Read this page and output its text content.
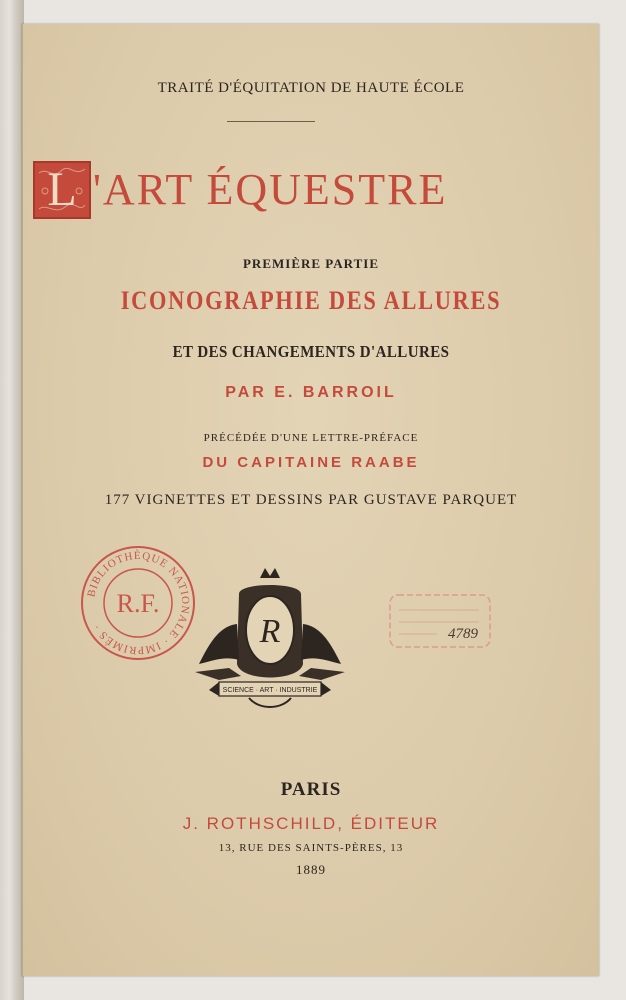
TRAITÉ D'ÉQUITATION DE HAUTE ÉCOLE
L 'ART ÉQUESTRE
PREMIÈRE PARTIE
ICONOGRAPHIE DES ALLURES
ET DES CHANGEMENTS D'ALLURES
PAR E. BARROIL
PRÉCÉDÉE D'UNE LETTRE-PRÉFACE
DU CAPITAINE RAABE
177 VIGNETTES ET DESSINS PAR GUSTAVE PARQUET
BIBLIOTHÈQUE NATIONALE · IMPRIMÉS ·
R.F.
R
SCIENCE · ART · INDUSTRIE
4789
PARIS
J. ROTHSCHILD, ÉDITEUR
13, RUE DES SAINTS-PÈRES, 13
1889
